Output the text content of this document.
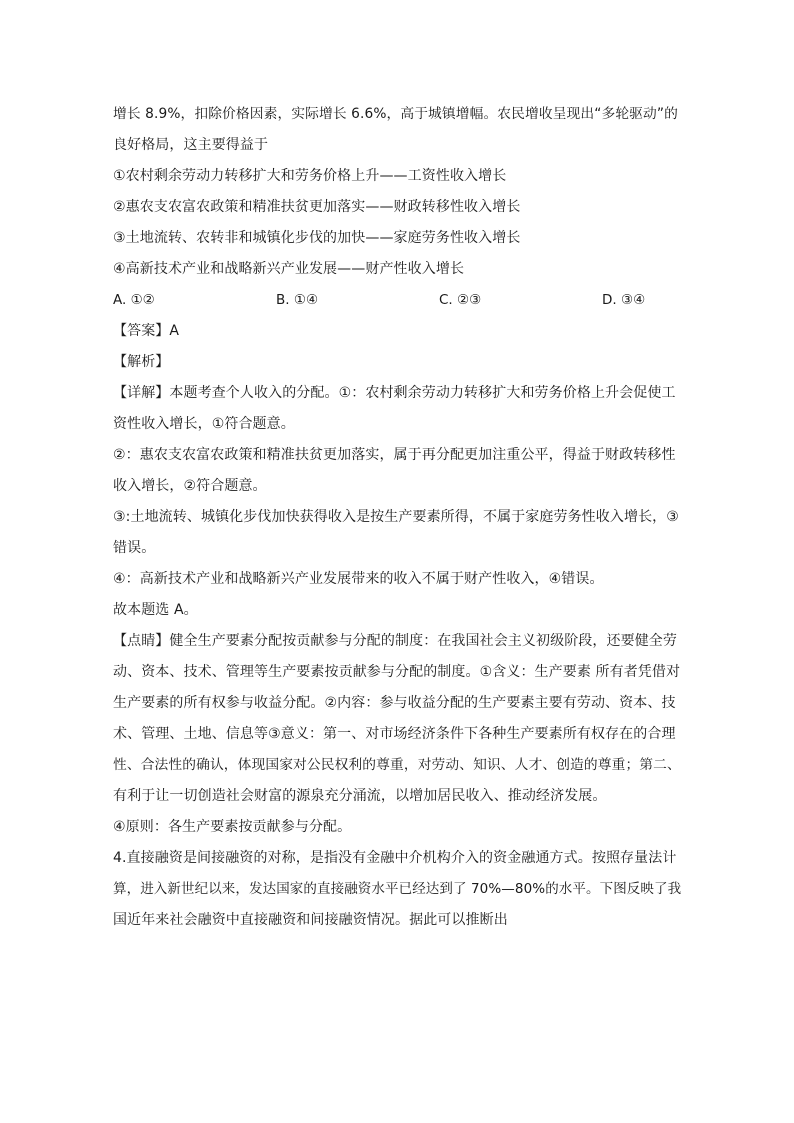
增长 8.9%，扣除价格因素，实际增长 6.6%，高于城镇增幅。农民增收呈现出“多轮驱动”的
良好格局，这主要得益于
①农村剩余劳动力转移扩大和劳务价格上升——工资性收入增长
②惠农支农富农政策和精准扶贫更加落实——财政转移性收入增长
③土地流转、农转非和城镇化步伐的加快——家庭劳务性收入增长
④高新技术产业和战略新兴产业发展——财产性收入增长
A. ①②	B. ①④	C. ②③	D. ③④
【答案】A
【解析】
【详解】本题考查个人收入的分配。①：农村剩余劳动力转移扩大和劳务价格上升会促使工
资性收入增长，①符合题意。
②：惠农支农富农政策和精准扶贫更加落实，属于再分配更加注重公平，得益于财政转移性
收入增长，②符合题意。
③:土地流转、城镇化步伐加快获得收入是按生产要素所得，不属于家庭劳务性收入增长，③
错误。
④：高新技术产业和战略新兴产业发展带来的收入不属于财产性收入，④错误。
故本题选 A。
【点睛】健全生产要素分配按贡献参与分配的制度：在我国社会主义初级阶段，还要健全劳
动、资本、技术、管理等生产要素按贡献参与分配的制度。①含义：生产要素 所有者凭借对
生产要素的所有权参与收益分配。②内容：参与收益分配的生产要素主要有劳动、资本、技
术、管理、土地、信息等③意义：第一、对市场经济条件下各种生产要素所有权存在的合理
性、合法性的确认，体现国家对公民权利的尊重，对劳动、知识、人才、创造的尊重；第二、
有利于让一切创造社会财富的源泉充分涌流，以增加居民收入、推动经济发展。
④原则：各生产要素按贡献参与分配。
4.直接融资是间接融资的对称，是指没有金融中介机构介入的资金融通方式。按照存量法计
算，进入新世纪以来，发达国家的直接融资水平已经达到了 70%—80%的水平。下图反映了我
国近年来社会融资中直接融资和间接融资情况。据此可以推断出
